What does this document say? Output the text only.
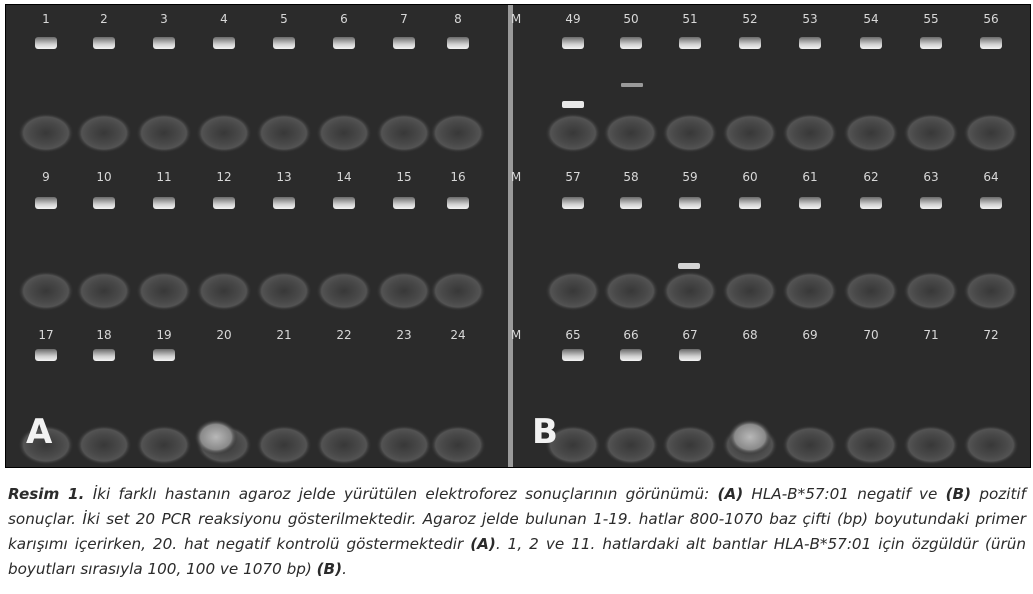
1	2	3	4	5	6	7	8
9	10	11	12	13	14	15	16
17	18	19	20	21	22	23	24
49	50	51	52	53	54	55	56
57	58	59	60	61	62	63	64
65	66	67	68	69	70	71	72
M
M
M
A	B

Resim 1. İki farklı hastanın agaroz jelde yürütülen elektroforez sonuçlarının görünümü: (A) HLA-B*57:01 negatif ve (B) pozitif sonuçlar. İki set 20 PCR reaksiyonu gösterilmektedir. Agaroz jelde bulunan 1-19. hatlar 800-1070 baz çifti (bp) boyutundaki primer karışımı içerirken, 20. hat negatif kontrolü göstermektedir (A). 1, 2 ve 11. hatlardaki alt bantlar HLA-B*57:01 için özgüldür (ürün boyutları sırasıyla 100, 100 ve 1070 bp) (B).
